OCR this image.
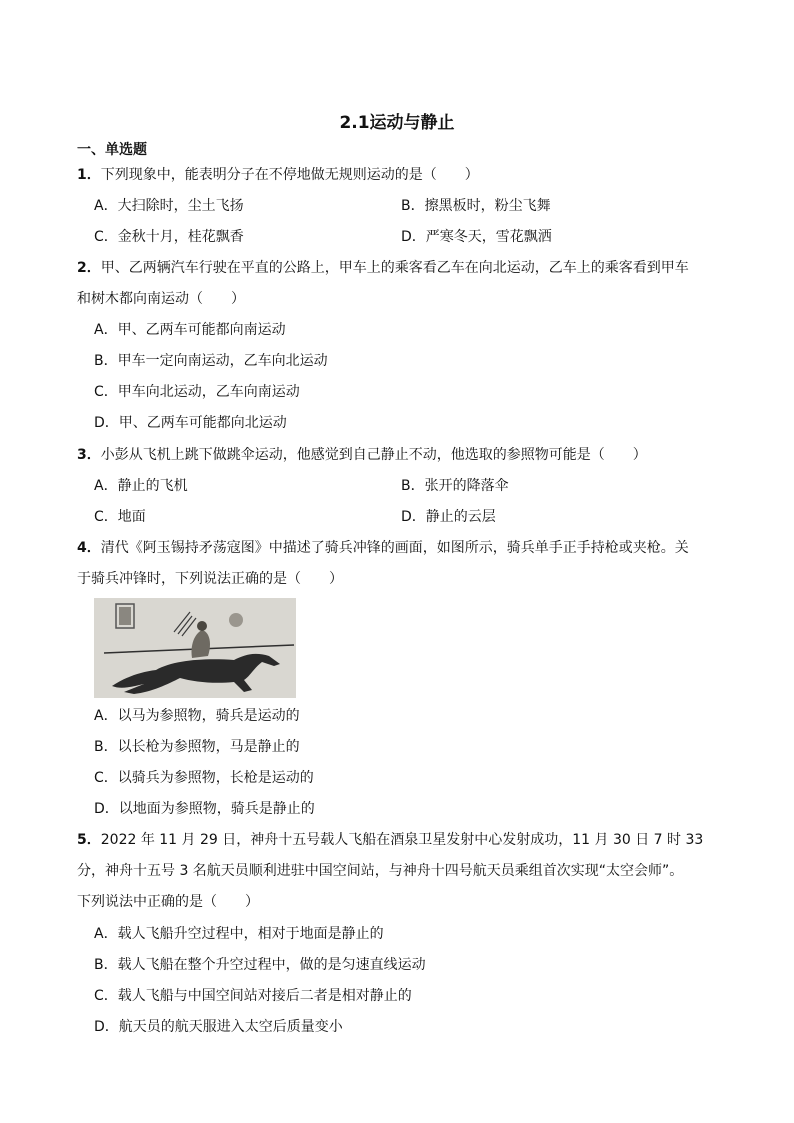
2.1运动与静止
一、单选题
1．下列现象中，能表明分子在不停地做无规则运动的是（　　）
A．大扫除时，尘土飞扬	B．擦黑板时，粉尘飞舞
C．金秋十月，桂花飘香	D．严寒冬天，雪花飘洒
2．甲、乙两辆汽车行驶在平直的公路上，甲车上的乘客看乙车在向北运动，乙车上的乘客看到甲车
和树木都向南运动（　　）
A．甲、乙两车可能都向南运动
B．甲车一定向南运动，乙车向北运动
C．甲车向北运动，乙车向南运动
D．甲、乙两车可能都向北运动
3．小彭从飞机上跳下做跳伞运动，他感觉到自己静止不动，他选取的参照物可能是（　　）
A．静止的飞机	B．张开的降落伞
C．地面	D．静止的云层
4．清代《阿玉锡持矛荡寇图》中描述了骑兵冲锋的画面，如图所示，骑兵单手正手持枪或夹枪。关
于骑兵冲锋时，下列说法正确的是（　　）
A．以马为参照物，骑兵是运动的
B．以长枪为参照物，马是静止的
C．以骑兵为参照物，长枪是运动的
D．以地面为参照物，骑兵是静止的
5．2022 年 11 月 29 日，神舟十五号载人飞船在酒泉卫星发射中心发射成功，11 月 30 日 7 时 33
分，神舟十五号 3 名航天员顺利进驻中国空间站，与神舟十四号航天员乘组首次实现“太空会师”。
下列说法中正确的是（　　）
A．载人飞船升空过程中，相对于地面是静止的
B．载人飞船在整个升空过程中，做的是匀速直线运动
C．载人飞船与中国空间站对接后二者是相对静止的
D．航天员的航天服进入太空后质量变小
